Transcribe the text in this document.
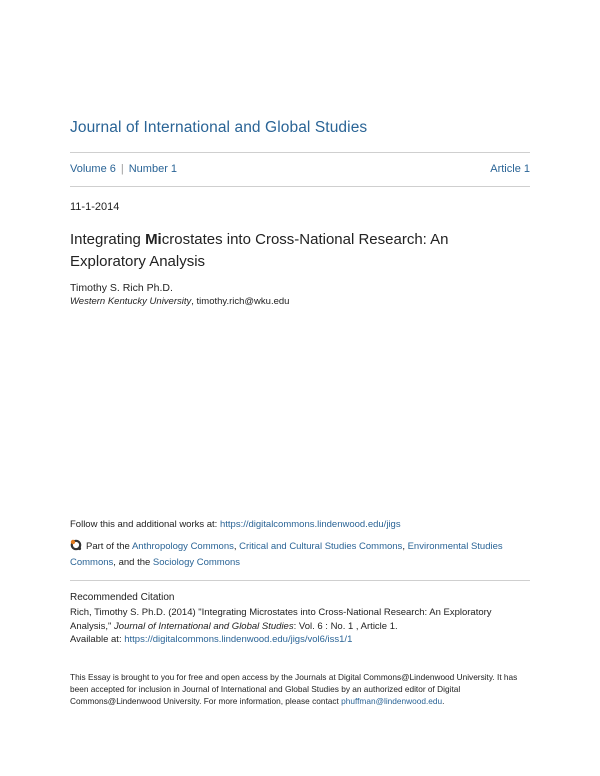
Journal of International and Global Studies
Volume 6 | Number 1	Article 1
11-1-2014
Integrating Microstates into Cross-National Research: An Exploratory Analysis
Timothy S. Rich Ph.D.
Western Kentucky University, timothy.rich@wku.edu
Follow this and additional works at: https://digitalcommons.lindenwood.edu/jigs
Part of the Anthropology Commons, Critical and Cultural Studies Commons, Environmental Studies Commons, and the Sociology Commons
Recommended Citation
Rich, Timothy S. Ph.D. (2014) "Integrating Microstates into Cross-National Research: An Exploratory Analysis," Journal of International and Global Studies: Vol. 6 : No. 1 , Article 1.
Available at: https://digitalcommons.lindenwood.edu/jigs/vol6/iss1/1
This Essay is brought to you for free and open access by the Journals at Digital Commons@Lindenwood University. It has been accepted for inclusion in Journal of International and Global Studies by an authorized editor of Digital Commons@Lindenwood University. For more information, please contact phuffman@lindenwood.edu.
